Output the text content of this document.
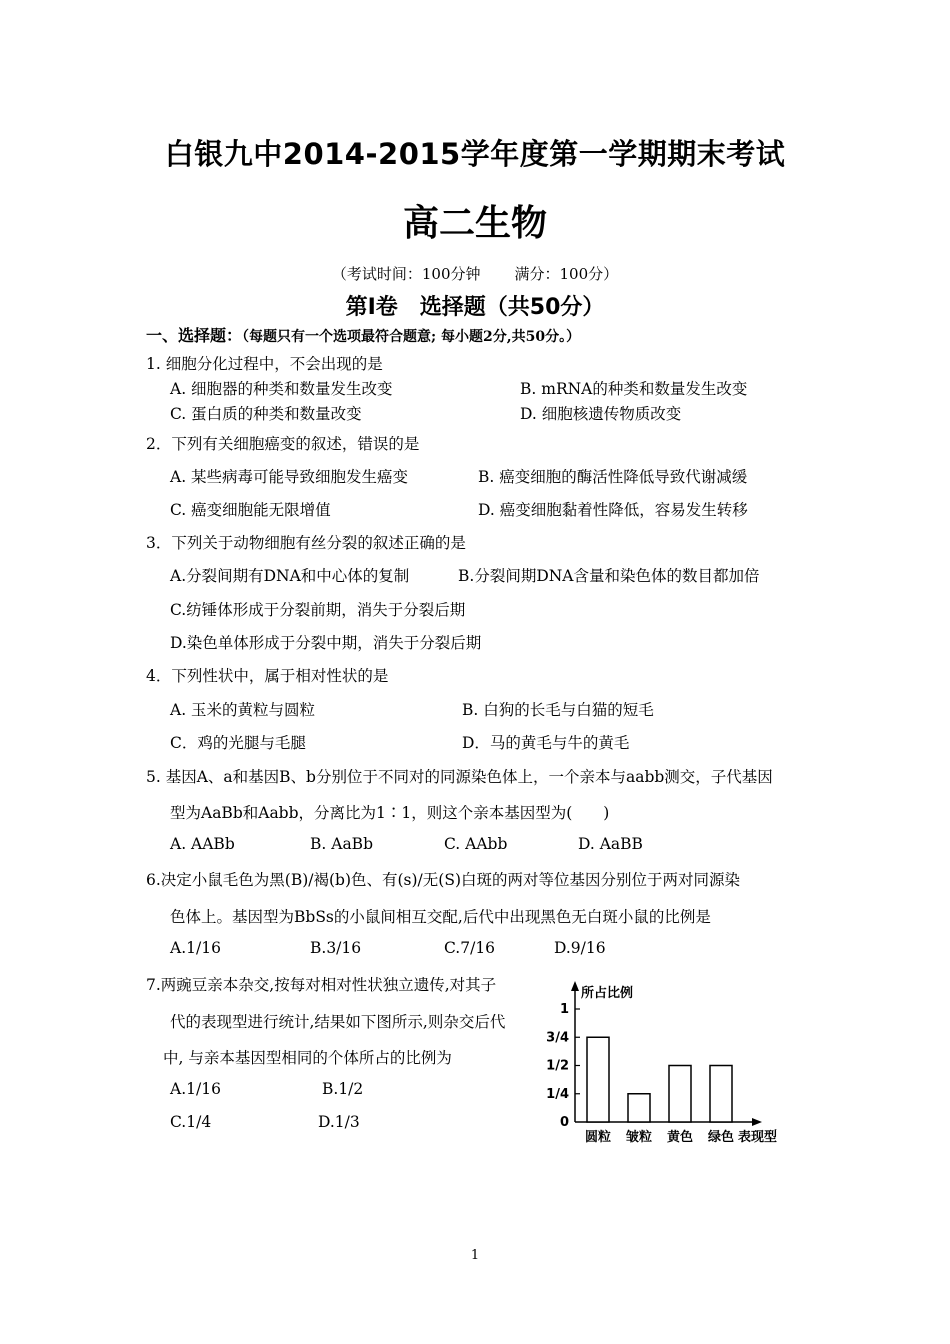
白银九中2014-2015学年度第一学期期末考试
高二生物
（考试时间：100分钟 满分：100分）
第Ⅰ卷　选择题（共50分）
一、选择题：（每题只有一个选项最符合题意; 每小题2分,共50分。）
1. 细胞分化过程中，不会出现的是
A. 细胞器的种类和数量发生改变	B. mRNA的种类和数量发生改变
C. 蛋白质的种类和数量改变	D. 细胞核遗传物质改变
2．下列有关细胞癌变的叙述，错误的是
A. 某些病毒可能导致细胞发生癌变	B. 癌变细胞的酶活性降低导致代谢减缓
C. 癌变细胞能无限增值	D. 癌变细胞黏着性降低，容易发生转移
3．下列关于动物细胞有丝分裂的叙述正确的是
A.分裂间期有DNA和中心体的复制	B.分裂间期DNA含量和染色体的数目都加倍
C.纺锤体形成于分裂前期，消失于分裂后期
D.染色单体形成于分裂中期，消失于分裂后期
4．下列性状中，属于相对性状的是
A. 玉米的黄粒与圆粒	B. 白狗的长毛与白猫的短毛
C．鸡的光腿与毛腿	D．马的黄毛与牛的黄毛
5. 基因A、a和基因B、b分别位于不同对的同源染色体上，一个亲本与aabb测交，子代基因
型为AaBb和Aabb，分离比为1∶1，则这个亲本基因型为(　　)
A. AABb	B. AaBb	C. AAbb	D. AaBB
6.决定小鼠毛色为黑(B)/褐(b)色、有(s)/无(S)白斑的两对等位基因分别位于两对同源染
色体上。基因型为BbSs的小鼠间相互交配,后代中出现黑色无白斑小鼠的比例是
A.1/16	B.3/16	C.7/16	D.9/16
7.两豌豆亲本杂交,按每对相对性状独立遗传,对其子
代的表现型进行统计,结果如下图所示,则杂交后代
中, 与亲本基因型相同的个体所占的比例为
A.1/16	B.1/2
C.1/4	D.1/3
所占比例
表现型
0
1/4
1/2
3/4
1
圆粒 皱粒 黄色 绿色
1
